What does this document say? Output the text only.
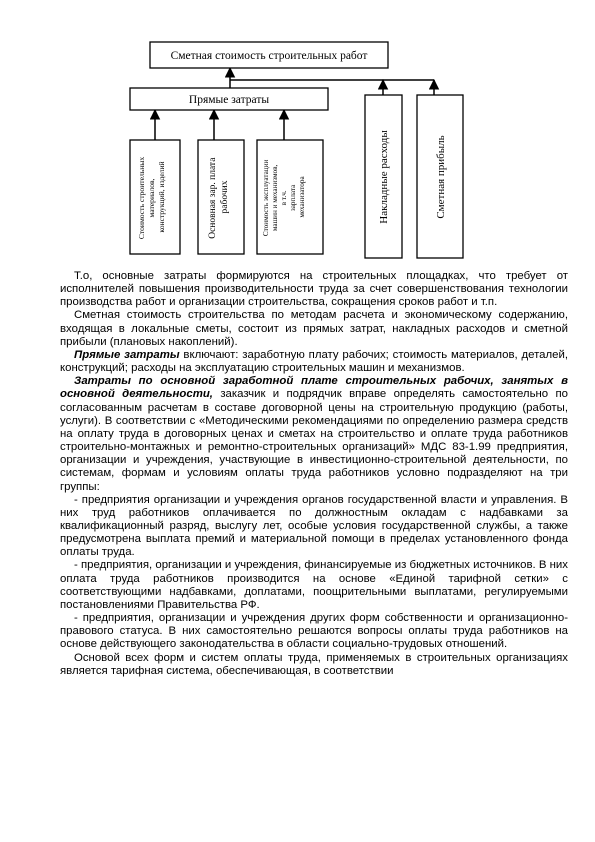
Сметная стоимость строительных работ
Прямые затраты
Стоимость строительных материалов, конструкций, изделий	Основная зар. плата рабочих	Стоимость эксплуатации машин и механизмов, в т.ч. зарплата механизатора	Накладные расходы	Сметная прибыль

Т.о, основные затраты формируются на строительных площадках, что требует от исполнителей повышения производительности труда за счет совершенствования технологии производства работ и организации строительства, сокращения сроков работ и т.п.

Сметная стоимость строительства по методам расчета и экономическому содержанию, входящая в локальные сметы, состоит из прямых затрат, накладных расходов и сметной прибыли (плановых накоплений).

Прямые затраты включают: заработную плату рабочих; стоимость материалов, деталей, конструкций; расходы на эксплуатацию строительных машин и механизмов.

Затраты по основной заработной плате строительных рабочих, занятых в основной деятельности, заказчик и подрядчик вправе определять самостоятельно по согласованным расчетам в составе договорной цены на строительную продукцию (работы, услуги). В соответствии с «Методическими рекомендациями по определению размера средств на оплату труда в договорных ценах и сметах на строительство и оплате труда работников строительно-монтажных и ремонтно-строительных организаций» МДС 83-1.99 предприятия, организации и учреждения, участвующие в инвестиционно-строительной деятельности, по системам, формам и условиям оплаты труда работников условно подразделяют на три группы:

- предприятия организации и учреждения органов государственной власти и управления. В них труд работников оплачивается по должностным окладам с надбавками за квалификационный разряд, выслугу лет, особые условия государственной службы, а также предусмотрена выплата премий и материальной помощи в пределах установленного фонда оплаты труда.

- предприятия, организации и учреждения, финансируемые из бюджетных источников. В них оплата труда работников производится на основе «Единой тарифной сетки» с соответствующими надбавками, доплатами, поощрительными выплатами, регулируемыми постановлениями Правительства РФ.

- предприятия, организации и учреждения других форм собственности и организационно-правового статуса. В них самостоятельно решаются вопросы оплаты труда работников на основе действующего законодательства в области социально-трудовых отношений.

Основой всех форм и систем оплаты труда, применяемых в строительных организациях является тарифная система, обеспечивающая, в соответствии
